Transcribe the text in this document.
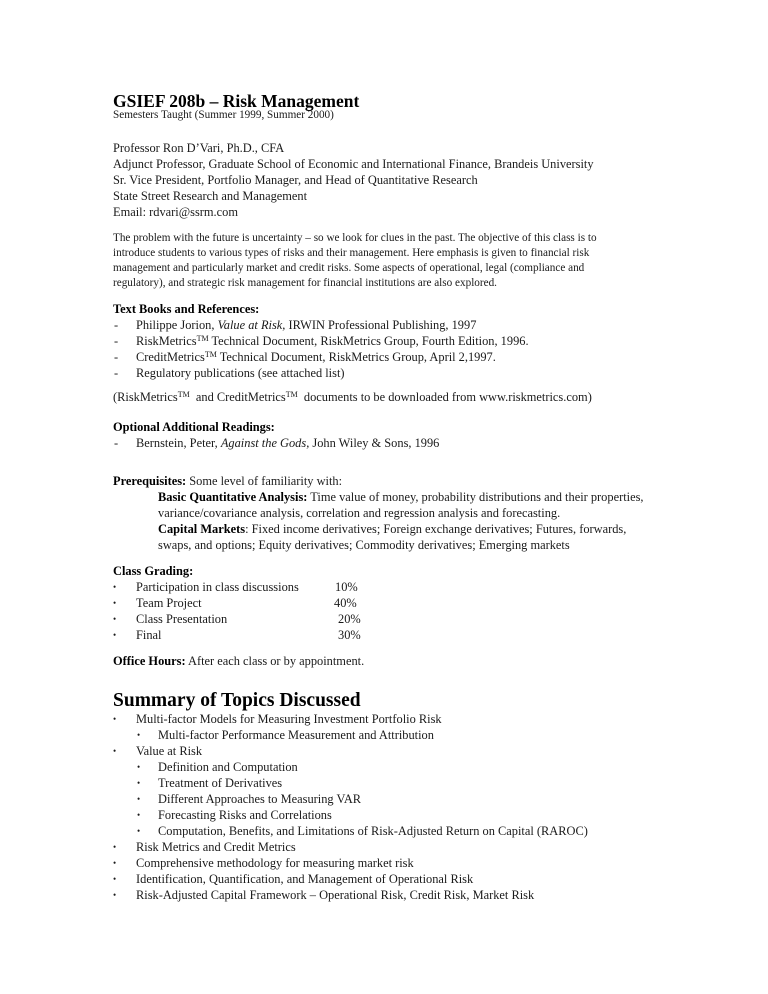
GSIEF 208b – Risk Management
Semesters Taught (Summer 1999, Summer 2000)
Professor Ron D’Vari, Ph.D., CFA
Adjunct Professor, Graduate School of Economic and International Finance, Brandeis University
Sr. Vice President, Portfolio Manager, and Head of Quantitative Research
State Street Research and Management
Email: rdvari@ssrm.com
The problem with the future is uncertainty – so we look for clues in the past. The objective of this class is to
introduce students to various types of risks and their management. Here emphasis is given to financial risk
management and particularly market and credit risks. Some aspects of operational, legal (compliance and
regulatory), and strategic risk management for financial institutions are also explored.
Text Books and References:
- Philippe Jorion, Value at Risk, IRWIN Professional Publishing, 1997
- RiskMetrics™ Technical Document, RiskMetrics Group, Fourth Edition, 1996.
- CreditMetrics™ Technical Document, RiskMetrics Group, April 2,1997.
- Regulatory publications (see attached list)
(RiskMetrics™  and CreditMetrics™  documents to be downloaded from www.riskmetrics.com)
Optional Additional Readings:
- Bernstein, Peter, Against the Gods, John Wiley & Sons, 1996
Prerequisites: Some level of familiarity with:
Basic Quantitative Analysis: Time value of money, probability distributions and their properties,
variance/covariance analysis, correlation and regression analysis and forecasting.
Capital Markets: Fixed income derivatives; Foreign exchange derivatives; Futures, forwards,
swaps, and options; Equity derivatives; Commodity derivatives; Emerging markets
Class Grading:
• Participation in class discussions	10%
• Team Project	40%
• Class Presentation	20%
• Final	30%
Office Hours: After each class or by appointment.
Summary of Topics Discussed
• Multi-factor Models for Measuring Investment Portfolio Risk
• Multi-factor Performance Measurement and Attribution
• Value at Risk
• Definition and Computation
• Treatment of Derivatives
• Different Approaches to Measuring VAR
• Forecasting Risks and Correlations
• Computation, Benefits, and Limitations of Risk-Adjusted Return on Capital (RAROC)
• Risk Metrics and Credit Metrics
• Comprehensive methodology for measuring market risk
• Identification, Quantification, and Management of Operational Risk
• Risk-Adjusted Capital Framework – Operational Risk, Credit Risk, Market Risk
